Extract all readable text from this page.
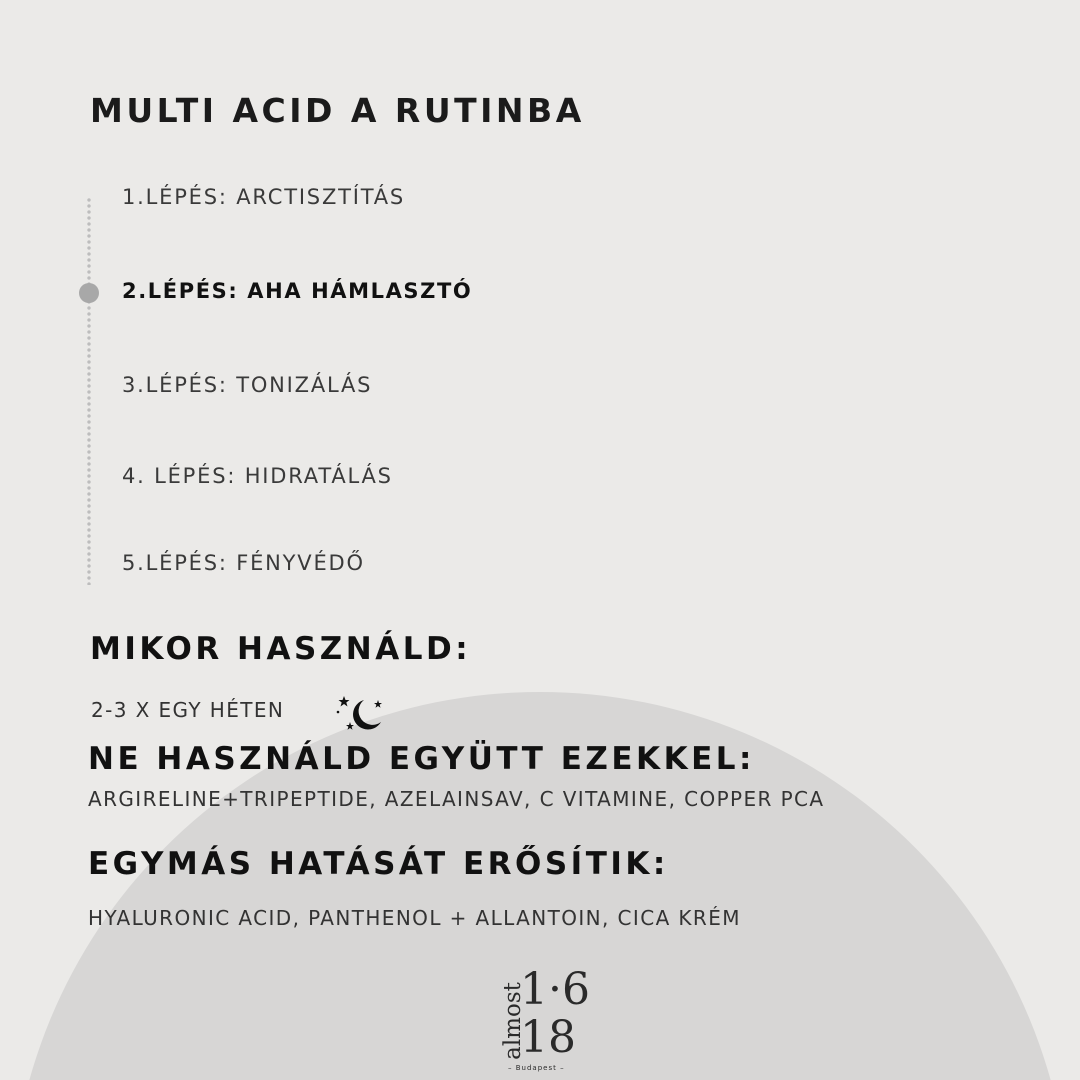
MULTI ACID A RUTINBA
1.LÉPÉS: ARCTISZTÍTÁS
2.LÉPÉS: AHA HÁMLASZTÓ
3.LÉPÉS: TONIZÁLÁS
4. LÉPÉS: HIDRATÁLÁS
5.LÉPÉS: FÉNYVÉDŐ
MIKOR HASZNÁLD:
2-3 X EGY HÉTEN
NE HASZNÁLD EGYÜTT EZEKKEL:
ARGIRELINE+TRIPEPTIDE, AZELAINSAV, C VITAMINE, COPPER PCA
EGYMÁS HATÁSÁT ERŐSÍTIK:
HYALURONIC ACID, PANTHENOL + ALLANTOIN, CICA KRÉM
almost
1·6
18
– Budapest –
